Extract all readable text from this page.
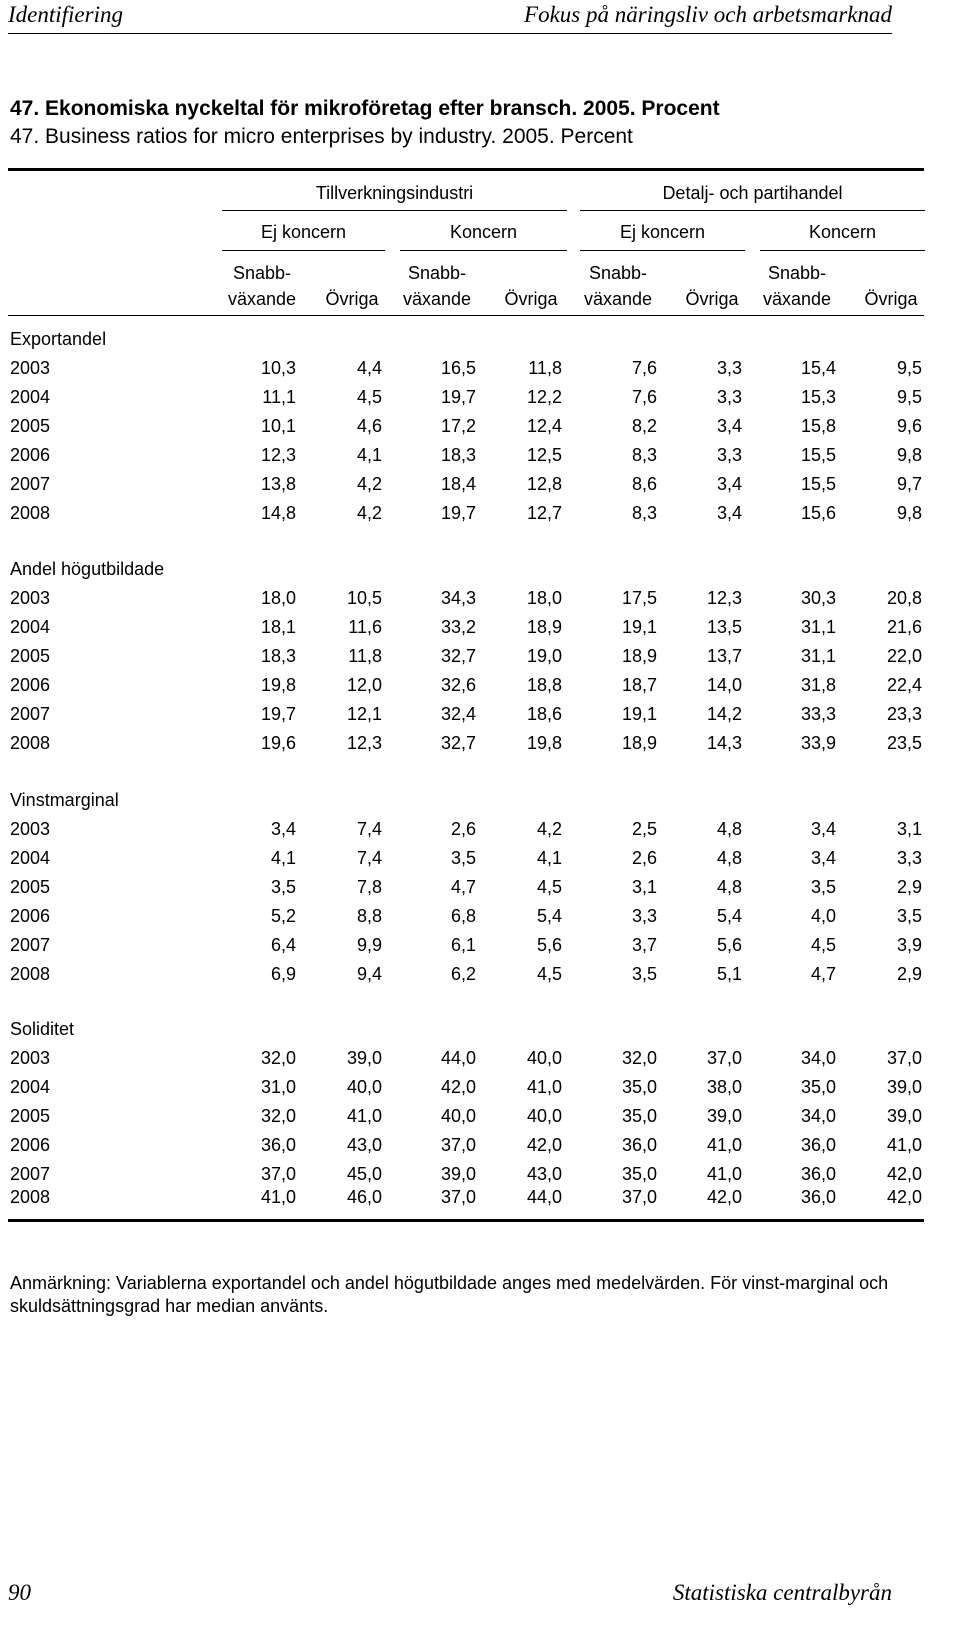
Identifiering	Fokus på näringsliv och arbetsmarknad
47. Ekonomiska nyckeltal för mikroföretag efter bransch. 2005. Procent
47. Business ratios for micro enterprises by industry. 2005. Percent
Tillverkningsindustri	Detalj- och partihandel
Ej koncern	Koncern	Ej koncern	Koncern
Snabb-
växande	Övriga
Snabb-
växande	Övriga
Snabb-
växande	Övriga
Snabb-
växande	Övriga
Exportandel
2003	10,3	4,4	16,5	11,8	7,6	3,3	15,4	9,5
2004	11,1	4,5	19,7	12,2	7,6	3,3	15,3	9,5
2005	10,1	4,6	17,2	12,4	8,2	3,4	15,8	9,6
2006	12,3	4,1	18,3	12,5	8,3	3,3	15,5	9,8
2007	13,8	4,2	18,4	12,8	8,6	3,4	15,5	9,7
2008	14,8	4,2	19,7	12,7	8,3	3,4	15,6	9,8
Andel högutbildade
2003	18,0	10,5	34,3	18,0	17,5	12,3	30,3	20,8
2004	18,1	11,6	33,2	18,9	19,1	13,5	31,1	21,6
2005	18,3	11,8	32,7	19,0	18,9	13,7	31,1	22,0
2006	19,8	12,0	32,6	18,8	18,7	14,0	31,8	22,4
2007	19,7	12,1	32,4	18,6	19,1	14,2	33,3	23,3
2008	19,6	12,3	32,7	19,8	18,9	14,3	33,9	23,5
Vinstmarginal
2003	3,4	7,4	2,6	4,2	2,5	4,8	3,4	3,1
2004	4,1	7,4	3,5	4,1	2,6	4,8	3,4	3,3
2005	3,5	7,8	4,7	4,5	3,1	4,8	3,5	2,9
2006	5,2	8,8	6,8	5,4	3,3	5,4	4,0	3,5
2007	6,4	9,9	6,1	5,6	3,7	5,6	4,5	3,9
2008	6,9	9,4	6,2	4,5	3,5	5,1	4,7	2,9
Soliditet
2003	32,0	39,0	44,0	40,0	32,0	37,0	34,0	37,0
2004	31,0	40,0	42,0	41,0	35,0	38,0	35,0	39,0
2005	32,0	41,0	40,0	40,0	35,0	39,0	34,0	39,0
2006	36,0	43,0	37,0	42,0	36,0	41,0	36,0	41,0
2007	37,0	45,0	39,0	43,0	35,0	41,0	36,0	42,0
2008	41,0	46,0	37,0	44,0	37,0	42,0	36,0	42,0
Anmärkning: Variablerna exportandel och andel högutbildade anges med medelvärden. För vinst-marginal och skuldsättningsgrad har median använts.
90	Statistiska centralbyrån
